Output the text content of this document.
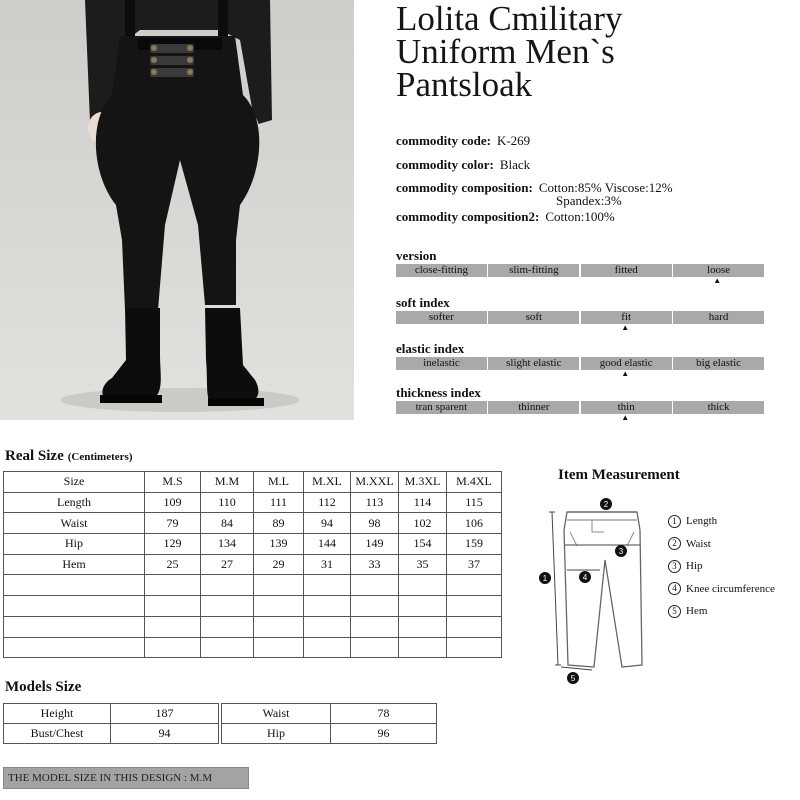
Lolita Cmilitary
Uniform Men`s
Pantsloak
commodity code: K-269
commodity color: Black
commodity composition: Cotton:85% Viscose:12%
Spandex:3%
commodity composition2: Cotton:100%
version
close-fitting	slim-fitting	fitted	loose
▲
soft index
softer	soft	fit	hard
▲
elastic index
inelastic	slight elastic	good elastic	big elastic
▲
thickness index
tran sparent	thinner	thin	thick
▲
Real Size (Centimeters)
Size	M.S	M.M	M.L	M.XL	M.XXL	M.3XL	M.4XL
Length	109	110	111	112	113	114	115
Waist	79	84	89	94	98	102	106
Hip	129	134	139	144	149	154	159
Hem	25	27	29	31	33	35	37

Models Size
Height	187
Bust/Chest	94
Waist	78
Hip	96
THE MODEL SIZE IN THIS DESIGN : M.M
Item Measurement
1
2
3
4
5
1 Length
2 Waist
3 Hip
4 Knee circumference
5 Hem
